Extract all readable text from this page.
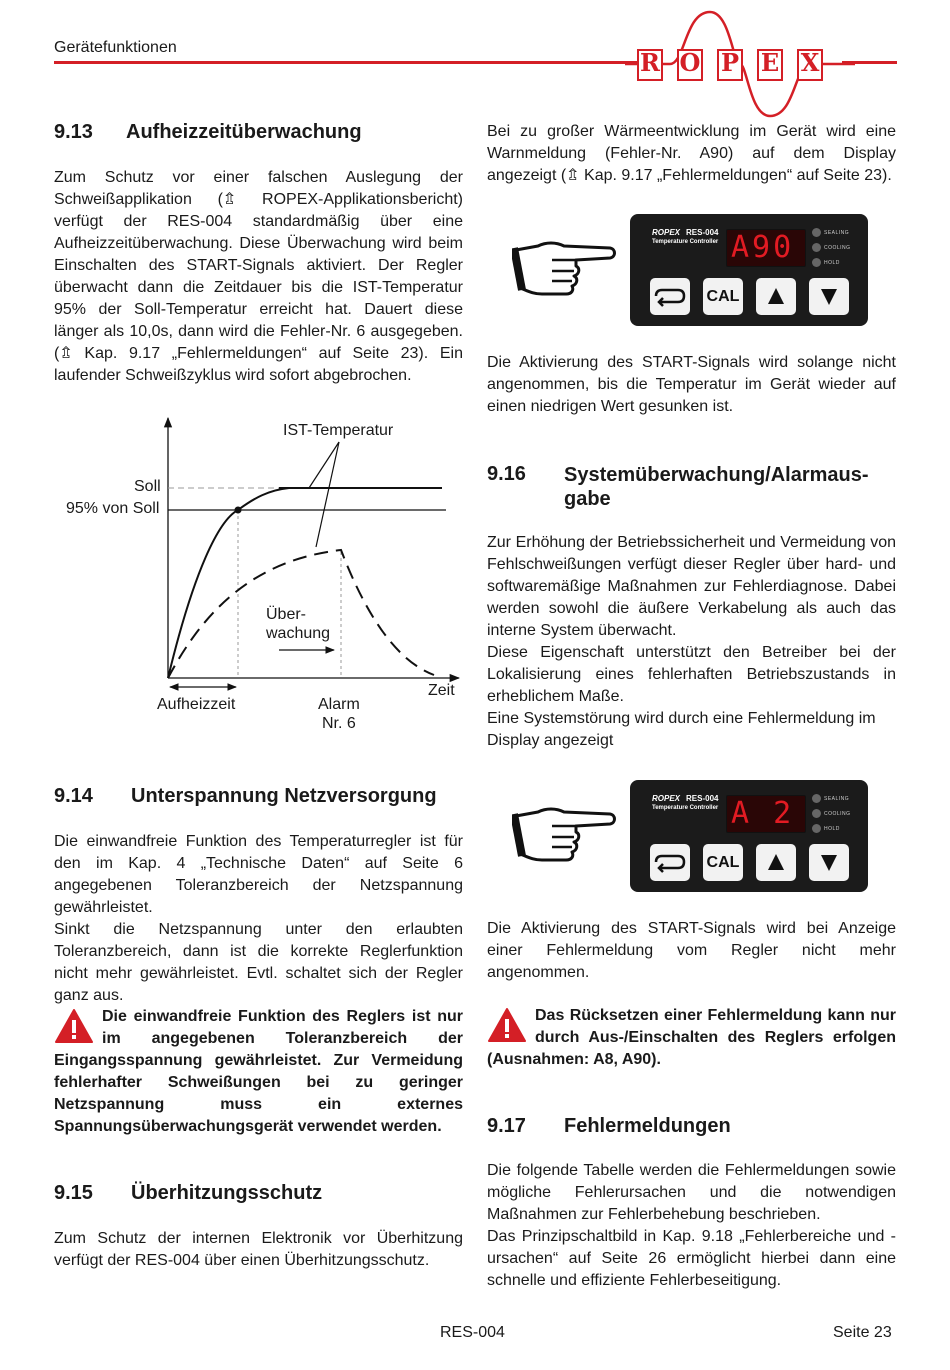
Gerätefunktionen
R O P E X
9.13 Aufheizzeitüberwachung
Zum Schutz vor einer falschen Auslegung der Schweißapplikation (⇬ ROPEX-Applikationsbericht) verfügt der RES-004 standardmäßig über eine Aufheizzeitüberwachung. Diese Überwachung wird beim Einschalten des START-Signals aktiviert. Der Regler überwacht dann die Zeitdauer bis die IST-Temperatur 95% der Soll-Temperatur erreicht hat. Dauert diese länger als 10,0s, dann wird die Fehler-Nr. 6 ausgegeben. (⇬ Kap. 9.17 „Fehlermeldungen“ auf Seite 23). Ein laufender Schweißzyklus wird sofort abgebrochen.
IST-Temperatur
Soll
95% von Soll
Über-
wachung
Zeit
Aufheizzeit	Alarm
Nr. 6
9.14 Unterspannung Netzversorgung
Die einwandfreie Funktion des Temperaturregler ist für den im Kap. 4 „Technische Daten“ auf Seite 6 angegebenen Toleranzbereich der Netzspannung gewährleistet.
Sinkt die Netzspannung unter den erlaubten Toleranzbereich, dann ist die korrekte Reglerfunktion nicht mehr gewährleistet. Evtl. schaltet sich der Regler ganz aus.
Die einwandfreie Funktion des Reglers ist nur im angegebenen Toleranzbereich der Eingangsspannung gewährleistet. Zur Vermeidung fehlerhafter Schweißungen bei zu geringer Netzspannung muss ein externes Spannungsüberwachungsgerät verwendet werden.
9.15 Überhitzungsschutz
Zum Schutz der internen Elektronik vor Überhitzung verfügt der RES-004 über einen Überhitzungsschutz.
Bei zu großer Wärmeentwicklung im Gerät wird eine Warnmeldung (Fehler-Nr. A90) auf dem Display angezeigt (⇬ Kap. 9.17 „Fehlermeldungen“ auf Seite 23).
ROPEX RES-004
Temperature Controller A90	SEALING
COOLING
HOLD
CAL
Die Aktivierung des START-Signals wird solange nicht angenommen, bis die Temperatur im Gerät wieder auf einen niedrigen Wert gesunken ist.
9.16	Systemüberwachung/Alarmaus-
gabe
Zur Erhöhung der Betriebssicherheit und Vermeidung von Fehlschweißungen verfügt dieser Regler über hard- und softwaremäßige Maßnahmen zur Fehlerdiagnose. Dabei werden sowohl die äußere Verkabelung als auch das interne System überwacht.
Diese Eigenschaft unterstützt den Betreiber bei der Lokalisierung eines fehlerhaften Betriebszustands in erheblichem Maße.
Eine Systemstörung wird durch eine Fehlermeldung im Display angezeigt
ROPEX RES-004
Temperature Controller A 2	SEALING
COOLING
HOLD
CAL
Die Aktivierung des START-Signals wird bei Anzeige einer Fehlermeldung vom Regler nicht mehr angenommen.
Das Rücksetzen einer Fehlermeldung kann nur durch Aus-/Einschalten des Reglers erfolgen (Ausnahmen: A8, A90).
9.17 Fehlermeldungen
Die folgende Tabelle werden die Fehlermeldungen sowie mögliche Fehlerursachen und die notwendigen Maßnahmen zur Fehlerbehebung beschrieben.
Das Prinzipschaltbild in Kap. 9.18 „Fehlerbereiche und -ursachen“ auf Seite 26 ermöglicht hierbei dann eine schnelle und effiziente Fehlerbeseitigung.
RES-004	Seite 23
